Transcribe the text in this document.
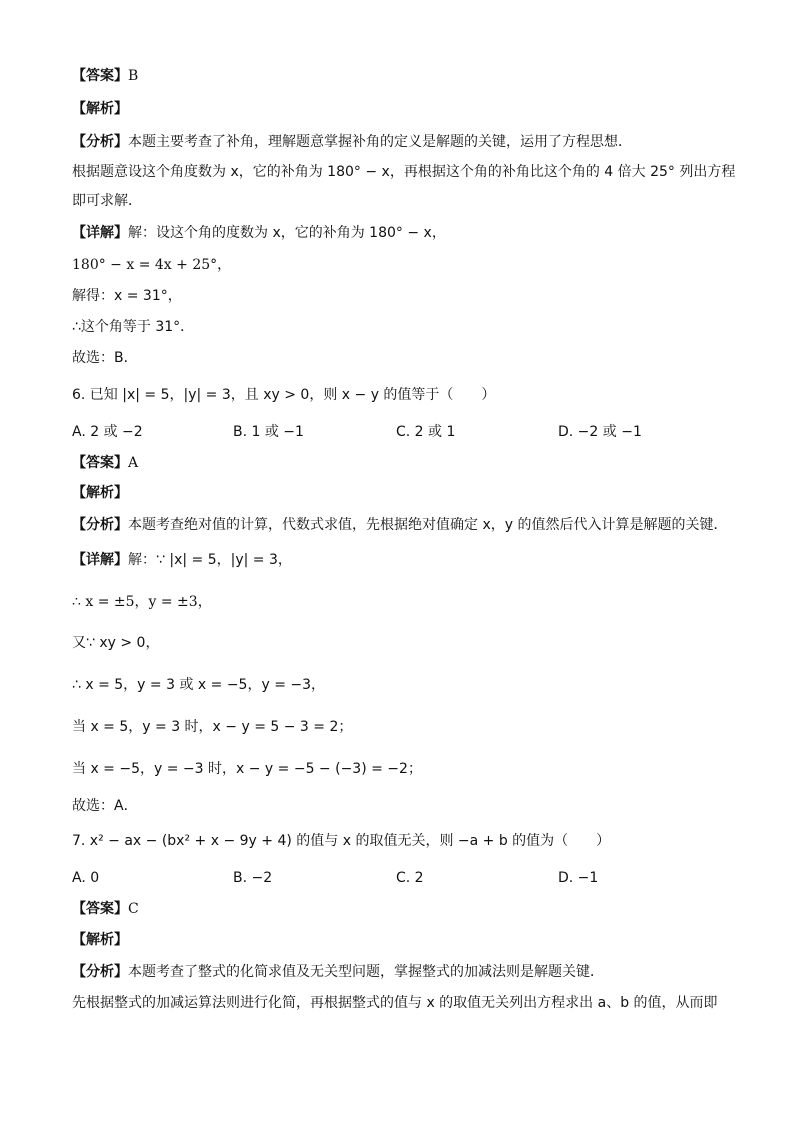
【答案】B
【解析】
【分析】本题主要考查了补角，理解题意掌握补角的定义是解题的关键，运用了方程思想．
根据题意设这个角度数为 x，它的补角为 180° − x，再根据这个角的补角比这个角的 4 倍大 25° 列出方程
即可求解．
【详解】解：设这个角的度数为 x，它的补角为 180° − x，
180° − x = 4x + 25°，
解得：x = 31°，
∴这个角等于 31°．
故选：B．
6. 已知 |x| = 5，|y| = 3，且 xy > 0，则 x − y 的值等于（　　）
A. 2 或 −2	B. 1 或 −1	C. 2 或 1	D. −2 或 −1
【答案】A
【解析】
【分析】本题考查绝对值的计算，代数式求值，先根据绝对值确定 x，y 的值然后代入计算是解题的关键．
【详解】解：∵ |x| = 5，|y| = 3，
∴ x = ±5，y = ±3，
又∵ xy > 0，
∴ x = 5，y = 3 或 x = −5，y = −3，
当 x = 5，y = 3 时，x − y = 5 − 3 = 2；
当 x = −5，y = −3 时，x − y = −5 − (−3) = −2；
故选：A．
7. x² − ax − (bx² + x − 9y + 4) 的值与 x 的取值无关，则 −a + b 的值为（　　）
A. 0	B. −2	C. 2	D. −1
【答案】C
【解析】
【分析】本题考查了整式的化简求值及无关型问题，掌握整式的加减法则是解题关键．
先根据整式的加减运算法则进行化简，再根据整式的值与 x 的取值无关列出方程求出 a、b 的值，从而即
